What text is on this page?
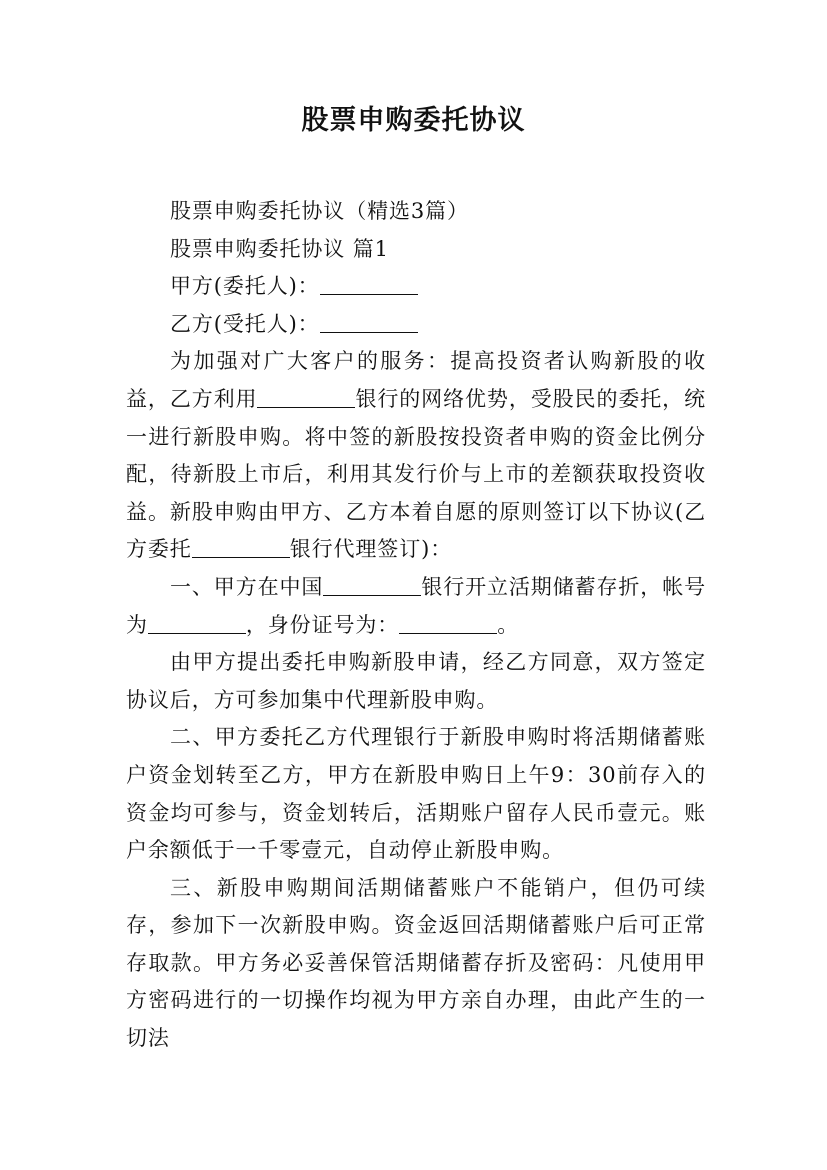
股票申购委托协议

股票申购委托协议（精选3篇）

股票申购委托协议 篇1

甲方(委托人)：

乙方(受托人)：

为加强对广大客户的服务：提高投资者认购新股的收益，乙方利用	银行的网络优势，受股民的委托，统一进行新股申购。将中签的新股按投资者申购的资金比例分配，待新股上市后，利用其发行价与上市的差额获取投资收益。新股申购由甲方、乙方本着自愿的原则签订以下协议(乙方委托	银行代理签订)：

一、甲方在中国	银行开立活期储蓄存折，帐号为	，身份证号为：	。

由甲方提出委托申购新股申请，经乙方同意，双方签定协议后，方可参加集中代理新股申购。

二、甲方委托乙方代理银行于新股申购时将活期储蓄账户资金划转至乙方，甲方在新股申购日上午9：30前存入的资金均可参与，资金划转后，活期账户留存人民币壹元。账户余额低于一千零壹元，自动停止新股申购。

三、新股申购期间活期储蓄账户不能销户，但仍可续存，参加下一次新股申购。资金返回活期储蓄账户后可正常存取款。甲方务必妥善保管活期储蓄存折及密码：凡使用甲方密码进行的一切操作均视为甲方亲自办理，由此产生的一切法
